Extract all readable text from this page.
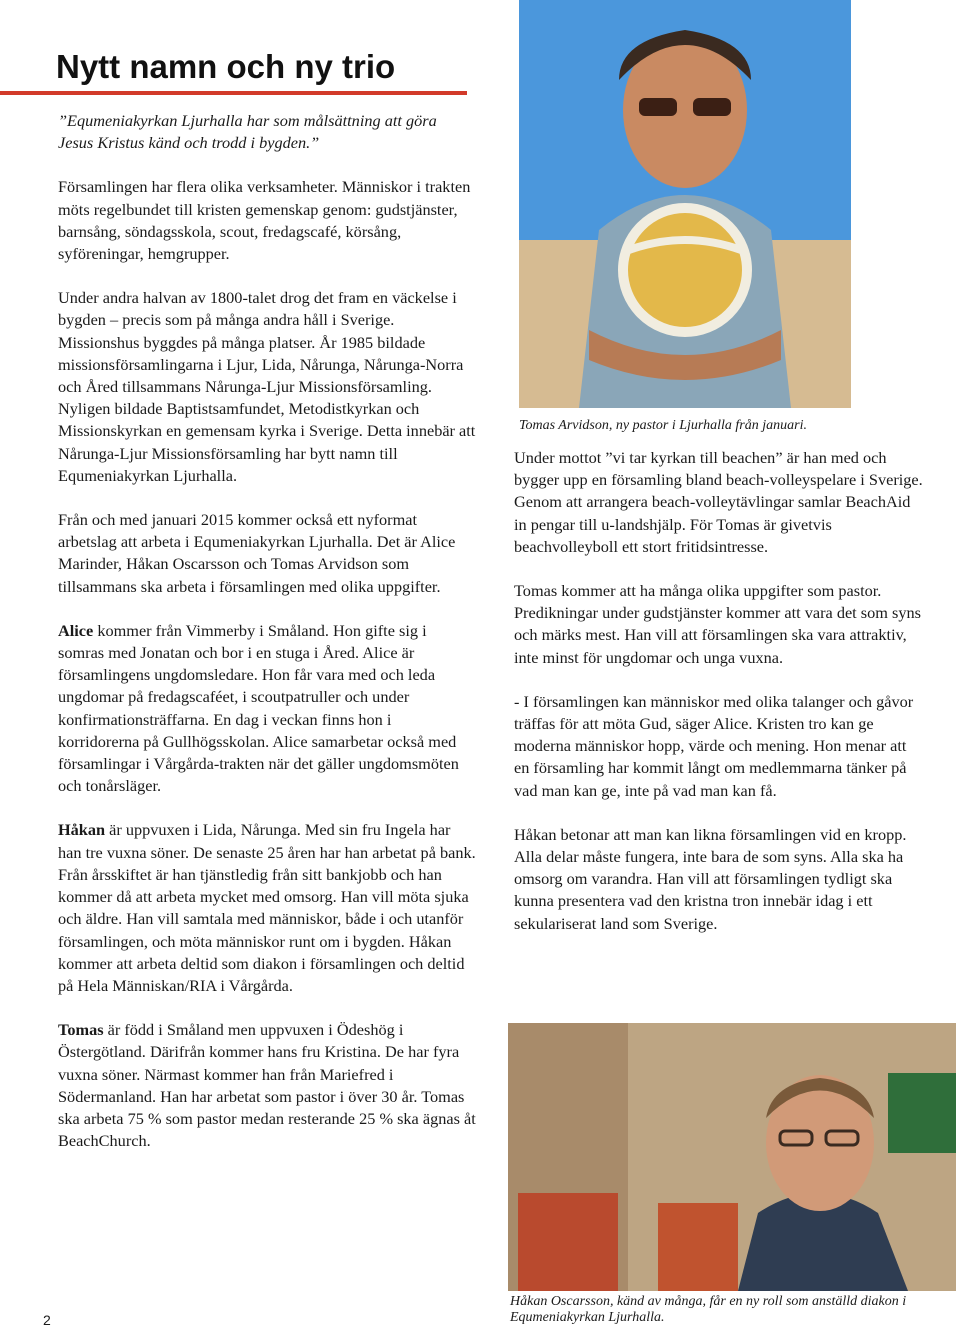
Nytt namn och ny trio

”Equmeniakyrkan Ljurhalla har som målsättning att göra Jesus Kristus känd och trodd i bygden.”

Församlingen har flera olika verksamheter. Människor i trakten möts regelbundet till kristen gemenskap genom: gudstjänster, barnsång, söndagsskola, scout, fredagscafé, körsång, syföreningar, hemgrupper.

Under andra halvan av 1800-talet drog det fram en väckelse i bygden – precis som på många andra håll i Sverige. Missionshus byggdes på många platser. År 1985 bildade missionsförsamlingarna i Ljur, Lida, Nårunga, Nårunga-Norra och Åred tillsammans Nårunga-Ljur Missionsförsamling. Nyligen bildade Baptistsamfundet, Metodistkyrkan och Missionskyrkan en gemensam kyrka i Sverige. Detta innebär att Nårunga-Ljur Missionsförsamling har bytt namn till Equmeniakyrkan Ljurhalla.

Från och med januari 2015 kommer också ett nyformat arbetslag att arbeta i Equmeniakyrkan Ljurhalla. Det är Alice Marinder, Håkan Oscarsson och Tomas Arvidson som tillsammans ska arbeta i församlingen med olika uppgifter.

Alice kommer från Vimmerby i Småland. Hon gifte sig i somras med Jonatan och bor i en stuga i Åred. Alice är församlingens ungdomsledare. Hon får vara med och leda ungdomar på fredagscaféet, i scoutpatruller och under konfirmationsträffarna. En dag i veckan finns hon i korridorerna på Gullhögsskolan. Alice samarbetar också med församlingar i Vårgårda-trakten när det gäller ungdomsmöten och tonårsläger.

Håkan är uppvuxen i Lida, Nårunga. Med sin fru Ingela har han tre vuxna söner. De senaste 25 åren har han arbetat på bank. Från årsskiftet är han tjänstledig från sitt bankjobb och han kommer då att arbeta mycket med omsorg. Han vill möta sjuka och äldre. Han vill samtala med människor, både i och utanför församlingen, och möta människor runt om i bygden. Håkan kommer att arbeta deltid som diakon i församlingen och deltid på Hela Människan/RIA i Vårgårda.

Tomas är född i Småland men uppvuxen i Ödeshög i Östergötland. Därifrån kommer hans fru Kristina. De har fyra vuxna söner. Närmast kommer han från Mariefred i Södermanland. Han har arbetat som pastor i över 30 år. Tomas ska arbeta 75 % som pastor medan resterande 25 % ska ägnas åt BeachChurch.

Tomas Arvidson, ny pastor i Ljurhalla från januari.

Under mottot ”vi tar kyrkan till beachen” är han med och bygger upp en församling bland beach-volleyspelare i Sverige. Genom att arrangera beach-volleytävlingar samlar BeachAid in pengar till u-landshjälp. För Tomas är givetvis beachvolleyboll ett stort fritidsintresse.

Tomas kommer att ha många olika uppgifter som pastor. Predikningar under gudstjänster kommer att vara det som syns och märks mest. Han vill att församlingen ska vara attraktiv, inte minst för ungdomar och unga vuxna.

- I församlingen kan människor med olika talanger och gåvor träffas för att möta Gud, säger Alice. Kristen tro kan ge moderna människor hopp, värde och mening. Hon menar att en församling har kommit långt om medlemmarna tänker på vad man kan ge, inte på vad man kan få.

Håkan betonar att man kan likna församlingen vid en kropp. Alla delar måste fungera, inte bara de som syns. Alla ska ha omsorg om varandra. Han vill att församlingen tydligt ska kunna presentera vad den kristna tron innebär idag i ett sekulariserat land som Sverige.

Håkan Oscarsson, känd av många, får en ny roll som anställd diakon i Equmeniakyrkan Ljurhalla.
2
